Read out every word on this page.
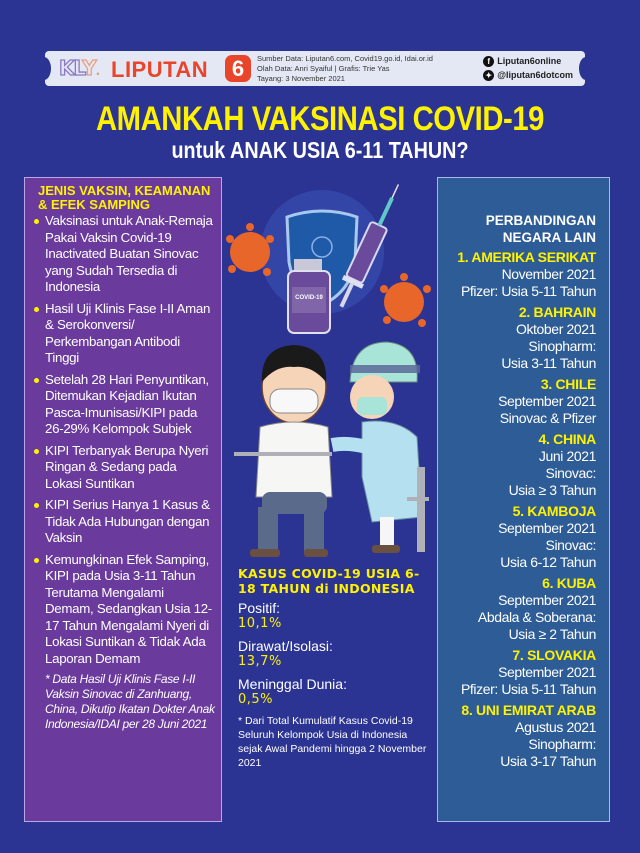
KLY. LIPUTAN	6	Sumber Data: Liputan6.com, Covid19.go.id, Idai.or.id
Olah Data: Anri Syaiful | Grafis: Trie Yas
Tayang: 3 November 2021
f Liputan6online
✦ @liputan6dotcom
AMANKAH VAKSINASI COVID-19
untuk ANAK USIA 6-11 TAHUN?
JENIS VAKSIN, KEAMANAN & EFEK SAMPING
Vaksinasi untuk Anak-Remaja Pakai Vaksin Covid-19 Inactivated Buatan Sinovac yang Sudah Tersedia di Indonesia
Hasil Uji Klinis Fase I-II Aman & Serokonversi/ Perkembangan Antibodi Tinggi
Setelah 28 Hari Penyuntikan, Ditemukan Kejadian Ikutan Pasca-Imunisasi/KIPI pada 26-29% Kelompok Subjek
KIPI Terbanyak Berupa Nyeri Ringan & Sedang pada Lokasi Suntikan
KIPI Serius Hanya 1 Kasus & Tidak Ada Hubungan dengan Vaksin
Kemungkinan Efek Samping, KIPI pada Usia 3-11 Tahun Terutama Mengalami Demam, Sedangkan Usia 12-17 Tahun Mengalami Nyeri di Lokasi Suntikan & Tidak Ada Laporan Demam
* Data Hasil Uji Klinis Fase I-II Vaksin Sinovac di Zanhuang, China, Dikutip Ikatan Dokter Anak Indonesia/IDAI per 28 Juni 2021
COVID-19
KASUS COVID-19 USIA 6-18 TAHUN di INDONESIA
Positif:
10,1%
Dirawat/Isolasi:
13,7%
Meninggal Dunia:
0,5%
* Dari Total Kumulatif Kasus Covid-19 Seluruh Kelompok Usia di Indonesia sejak Awal Pandemi hingga 2 November 2021
PERBANDINGAN
NEGARA LAIN
1. AMERIKA SERIKAT
November 2021
Pfizer: Usia 5-11 Tahun
2. BAHRAIN
Oktober 2021
Sinopharm:
Usia 3-11 Tahun
3. CHILE
September 2021
Sinovac & Pfizer
4. CHINA
Juni 2021
Sinovac:
Usia ≥ 3 Tahun
5. KAMBOJA
September 2021
Sinovac:
Usia 6-12 Tahun
6. KUBA
September 2021
Abdala & Soberana:
Usia ≥ 2 Tahun
7. SLOVAKIA
September 2021
Pfizer: Usia 5-11 Tahun
8. UNI EMIRAT ARAB
Agustus 2021
Sinopharm:
Usia 3-17 Tahun
